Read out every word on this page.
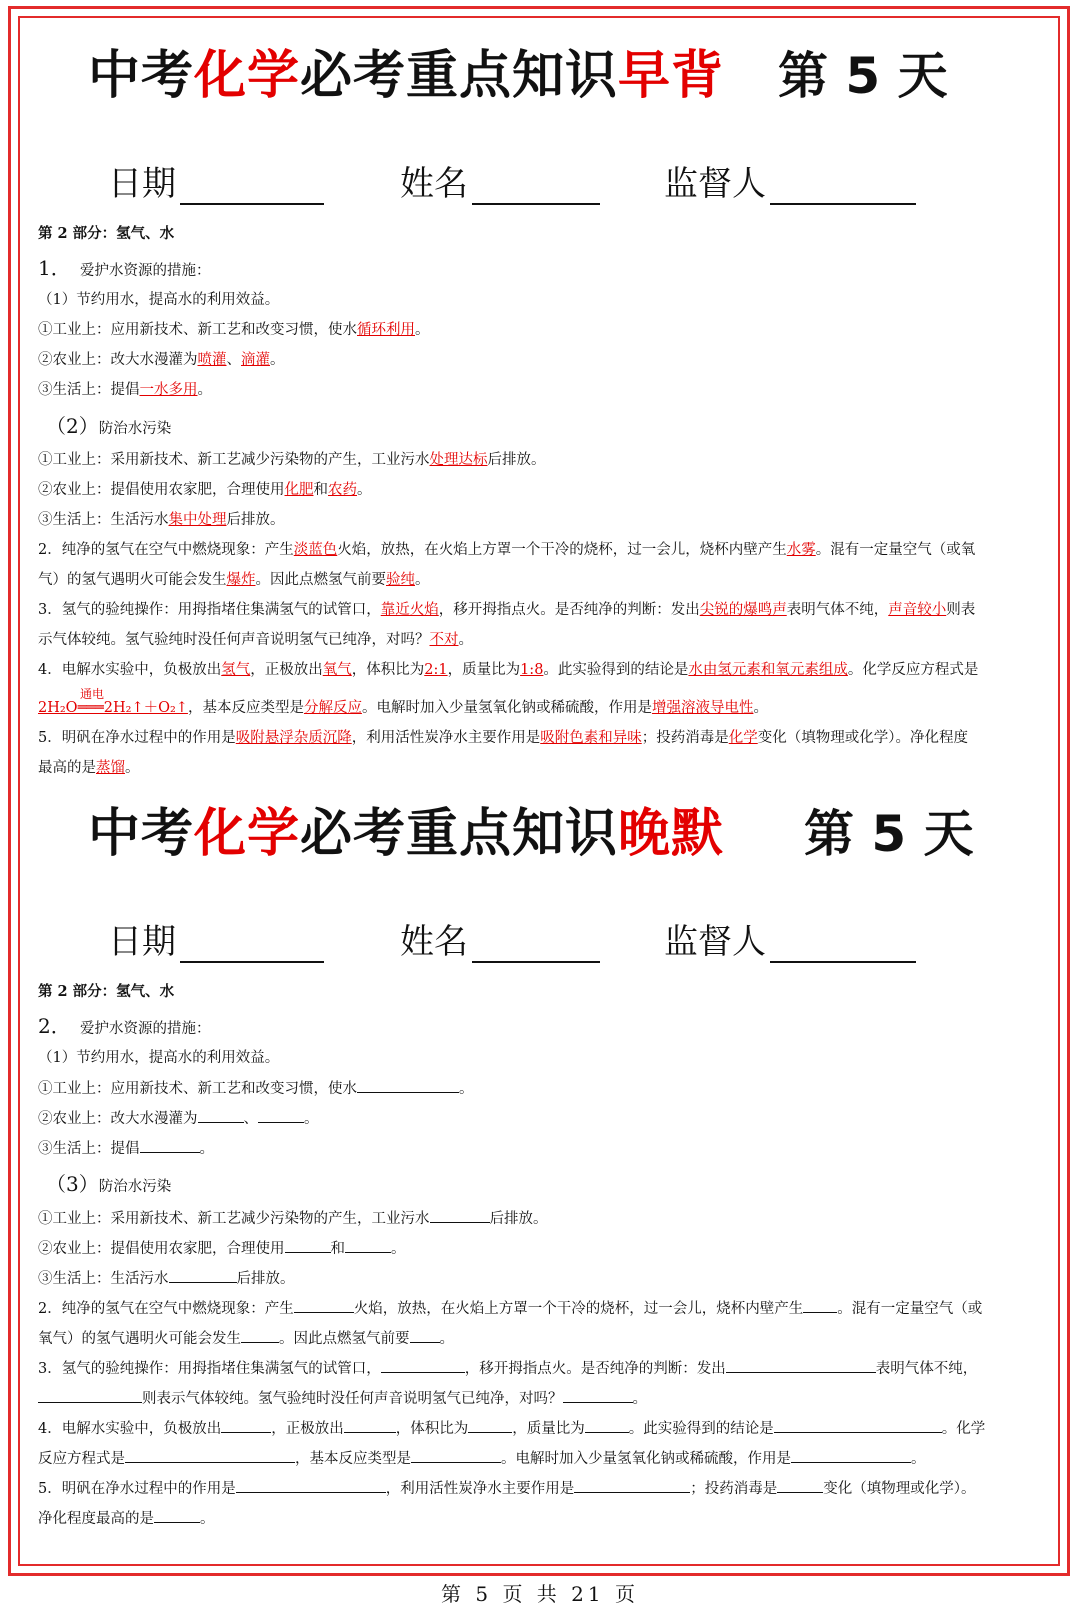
中考化学必考重点知识早背 第 5 天
日期	姓名	监督人
第 2 部分：氢气、水
1． 爱护水资源的措施：
（1）节约用水，提高水的利用效益。
①工业上：应用新技术、新工艺和改变习惯，使水循环利用。
②农业上：改大水漫灌为喷灌、滴灌。
③生活上：提倡一水多用。
（2）防治水污染
①工业上：采用新技术、新工艺减少污染物的产生，工业污水处理达标后排放。
②农业上：提倡使用农家肥，合理使用化肥和农药。
③生活上：生活污水集中处理后排放。
2．纯净的氢气在空气中燃烧现象：产生淡蓝色火焰，放热，在火焰上方罩一个干冷的烧杯，过一会儿，烧杯内壁产生水雾。混有一定量空气（或氧
气）的氢气遇明火可能会发生爆炸。因此点燃氢气前要验纯。
3．氢气的验纯操作：用拇指堵住集满氢气的试管口，靠近火焰，移开拇指点火。是否纯净的判断：发出尖锐的爆鸣声表明气体不纯，声音较小则表
示气体较纯。氢气验纯时没任何声音说明氢气已纯净，对吗？不对。
4．电解水实验中，负极放出氢气，正极放出氧气，体积比为2:1，质量比为1:8。此实验得到的结论是水由氢元素和氧元素组成。化学反应方程式是
通电
2H₂O═══2H₂↑＋O₂↑，基本反应类型是分解反应。电解时加入少量氢氧化钠或稀硫酸，作用是增强溶液导电性。
5．明矾在净水过程中的作用是吸附悬浮杂质沉降，利用活性炭净水主要作用是吸附色素和异味；投药消毒是化学变化（填物理或化学）。净化程度
最高的是蒸馏。
中考化学必考重点知识晚默 第 5 天
日期	姓名	监督人
第 2 部分：氢气、水
2． 爱护水资源的措施：
（1）节约用水，提高水的利用效益。
①工业上：应用新技术、新工艺和改变习惯，使水	。
②农业上：改大水漫灌为	、	。
③生活上：提倡	。
（3）防治水污染
①工业上：采用新技术、新工艺减少污染物的产生，工业污水	后排放。
②农业上：提倡使用农家肥，合理使用	和	。
③生活上：生活污水	后排放。
2．纯净的氢气在空气中燃烧现象：产生	火焰，放热，在火焰上方罩一个干冷的烧杯，过一会儿，烧杯内壁产生 。混有一定量空气（或
氧气）的氢气遇明火可能会发生	。因此点燃氢气前要 。
3．氢气的验纯操作：用拇指堵住集满氢气的试管口，	，移开拇指点火。是否纯净的判断：发出	表明气体不纯，
则表示气体较纯。氢气验纯时没任何声音说明氢气已纯净，对吗？	。
4．电解水实验中，负极放出	，正极放出	，体积比为	，质量比为	。此实验得到的结论是	。化学
反应方程式是	，基本反应类型是	。电解时加入少量氢氧化钠或稀硫酸，作用是	。
5．明矾在净水过程中的作用是	，利用活性炭净水主要作用是	；投药消毒是	变化（填物理或化学）。
净化程度最高的是	。
第 5 页 共 21 页
